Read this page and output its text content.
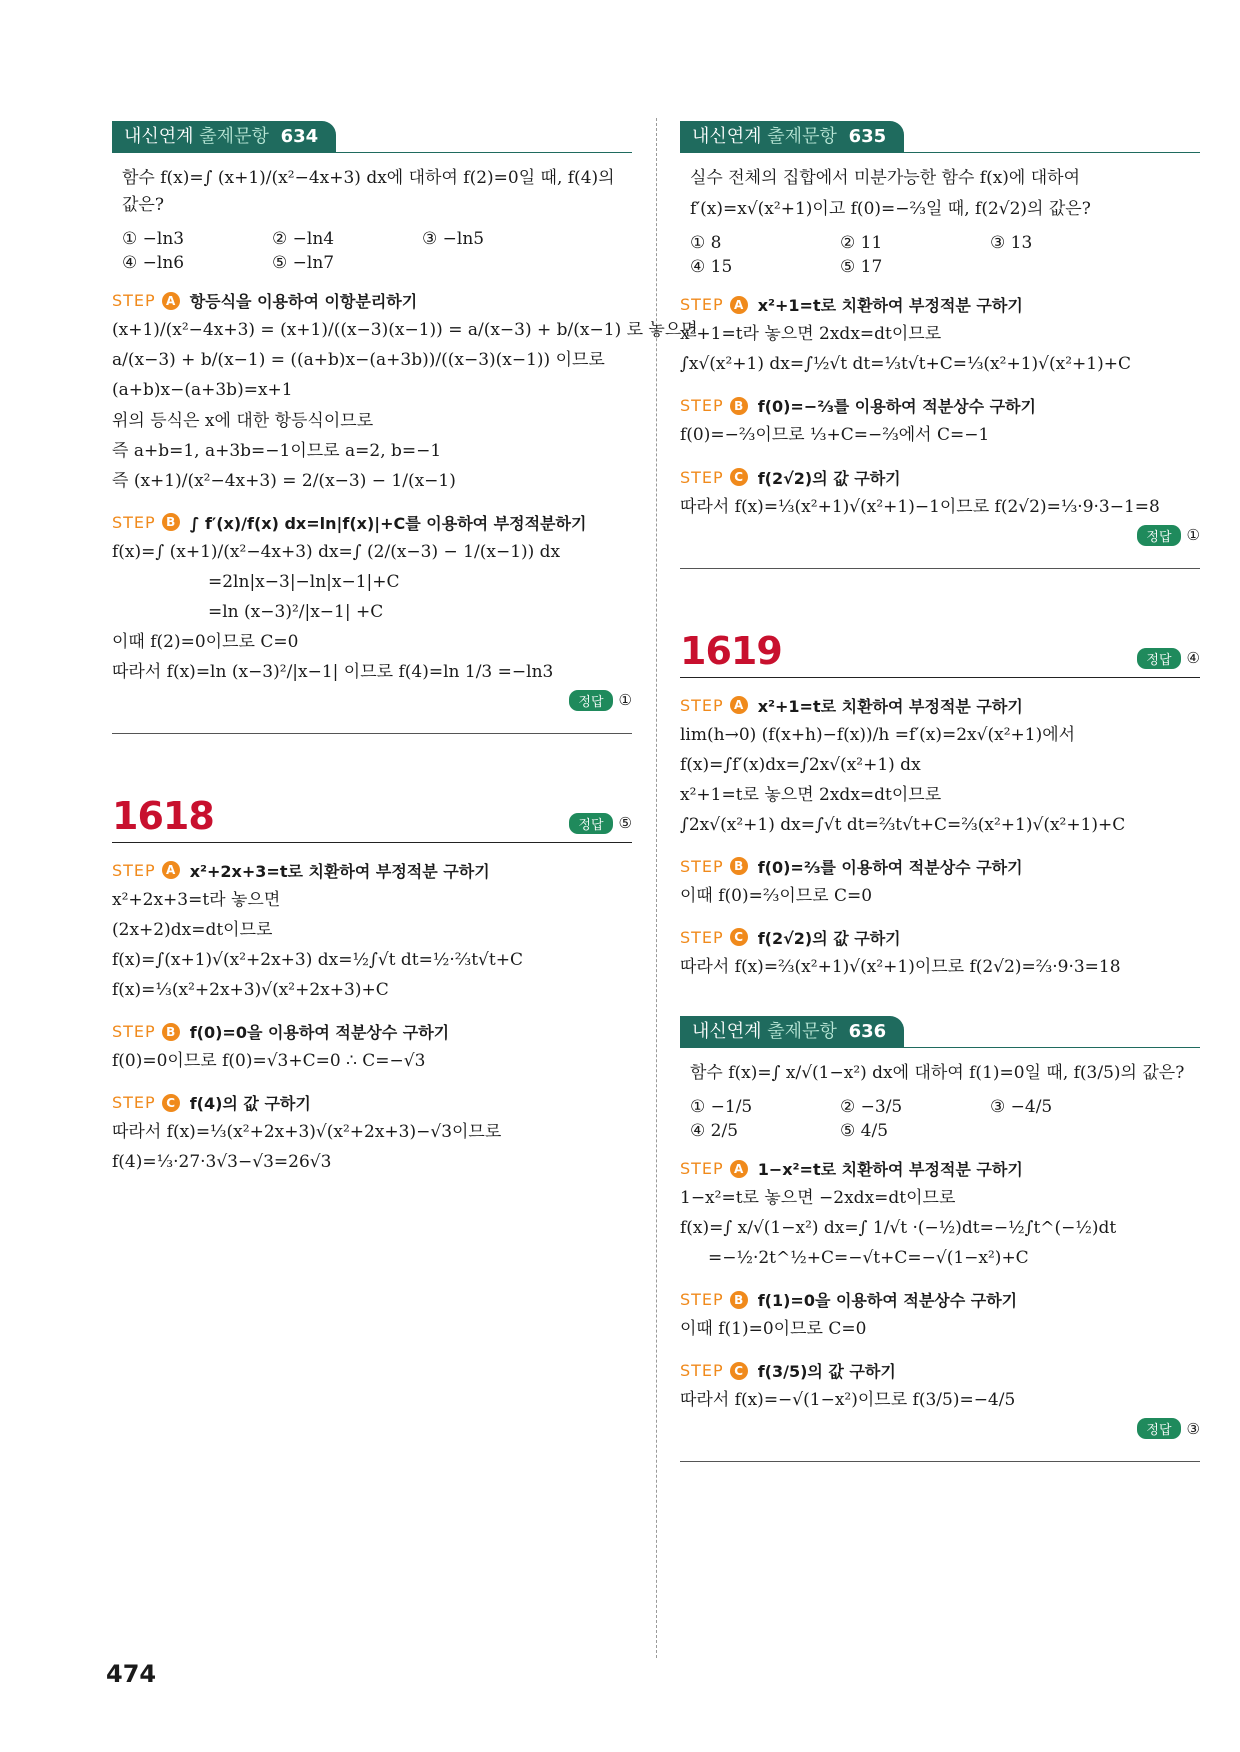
내신연계 출제문항 634
함수 f(x)=∫ (x+1)/(x²−4x+3) dx에 대하여 f(2)=0일 때, f(4)의 값은?
① −ln3	② −ln4	③ −ln5
④ −ln6	⑤ −ln7
STEP A 항등식을 이용하여 이항분리하기
(x+1)/(x²−4x+3) = (x+1)/((x−3)(x−1)) = a/(x−3) + b/(x−1) 로 놓으면
a/(x−3) + b/(x−1) = ((a+b)x−(a+3b))/((x−3)(x−1)) 이므로
(a+b)x−(a+3b)=x+1
위의 등식은 x에 대한 항등식이므로
즉 a+b=1, a+3b=−1이므로 a=2, b=−1
즉 (x+1)/(x²−4x+3) = 2/(x−3) − 1/(x−1)
STEP B ∫ f′(x)/f(x) dx=ln|f(x)|+C를 이용하여 부정적분하기
f(x)=∫ (x+1)/(x²−4x+3) dx=∫ (2/(x−3) − 1/(x−1)) dx
=2ln|x−3|−ln|x−1|+C
=ln (x−3)²/|x−1| +C
이때 f(2)=0이므로 C=0
따라서 f(x)=ln (x−3)²/|x−1| 이므로 f(4)=ln 1/3 =−ln3
정답	①
1618	정답	⑤
STEP A x²+2x+3=t로 치환하여 부정적분 구하기
x²+2x+3=t라 놓으면
(2x+2)dx=dt이므로
f(x)=∫(x+1)√(x²+2x+3) dx=½∫√t dt=½·⅔t√t+C
f(x)=⅓(x²+2x+3)√(x²+2x+3)+C
STEP B f(0)=0을 이용하여 적분상수 구하기
f(0)=0이므로 f(0)=√3+C=0 ∴ C=−√3
STEP C f(4)의 값 구하기
따라서 f(x)=⅓(x²+2x+3)√(x²+2x+3)−√3이므로
f(4)=⅓·27·3√3−√3=26√3
내신연계 출제문항 635
실수 전체의 집합에서 미분가능한 함수 f(x)에 대하여
f′(x)=x√(x²+1)이고 f(0)=−⅔일 때, f(2√2)의 값은?
① 8	② 11	③ 13
④ 15	⑤ 17
STEP A x²+1=t로 치환하여 부정적분 구하기
x²+1=t라 놓으면 2xdx=dt이므로
∫x√(x²+1) dx=∫½√t dt=⅓t√t+C=⅓(x²+1)√(x²+1)+C
STEP B f(0)=−⅔를 이용하여 적분상수 구하기
f(0)=−⅔이므로 ⅓+C=−⅔에서 C=−1
STEP C f(2√2)의 값 구하기
따라서 f(x)=⅓(x²+1)√(x²+1)−1이므로 f(2√2)=⅓·9·3−1=8
정답	①
1619	정답	④
STEP A x²+1=t로 치환하여 부정적분 구하기
lim(h→0) (f(x+h)−f(x))/h =f′(x)=2x√(x²+1)에서
f(x)=∫f′(x)dx=∫2x√(x²+1) dx
x²+1=t로 놓으면 2xdx=dt이므로
∫2x√(x²+1) dx=∫√t dt=⅔t√t+C=⅔(x²+1)√(x²+1)+C
STEP B f(0)=⅔를 이용하여 적분상수 구하기
이때 f(0)=⅔이므로 C=0
STEP C f(2√2)의 값 구하기
따라서 f(x)=⅔(x²+1)√(x²+1)이므로 f(2√2)=⅔·9·3=18
내신연계 출제문항 636
함수 f(x)=∫ x/√(1−x²) dx에 대하여 f(1)=0일 때, f(3/5)의 값은?
① −1/5	② −3/5	③ −4/5
④ 2/5	⑤ 4/5
STEP A 1−x²=t로 치환하여 부정적분 구하기
1−x²=t로 놓으면 −2xdx=dt이므로
f(x)=∫ x/√(1−x²) dx=∫ 1/√t ·(−½)dt=−½∫t^(−½)dt
=−½·2t^½+C=−√t+C=−√(1−x²)+C
STEP B f(1)=0을 이용하여 적분상수 구하기
이때 f(1)=0이므로 C=0
STEP C f(3/5)의 값 구하기
따라서 f(x)=−√(1−x²)이므로 f(3/5)=−4/5
정답	③
474
